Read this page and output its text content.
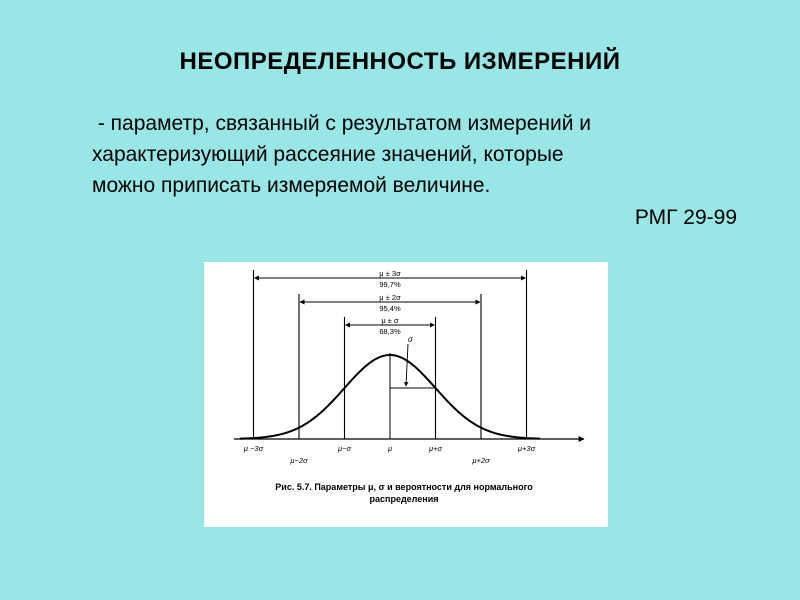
НЕОПРЕДЕЛЕННОСТЬ ИЗМЕРЕНИЙ
- параметр, связанный с результатом измерений и
характеризующий рассеяние значений, которые
можно приписать измеряемой величине.
РМГ 29-99
μ ± 3σ
99,7%
μ ± 2σ
95,4%
μ ± σ
68,3%
σ
μ −3σ
μ−2σ
μ−σ	μ	μ+σ
μ+2σ
μ+3σ
Рис. 5.7. Параметры μ, σ и вероятности для нормального
распределения
